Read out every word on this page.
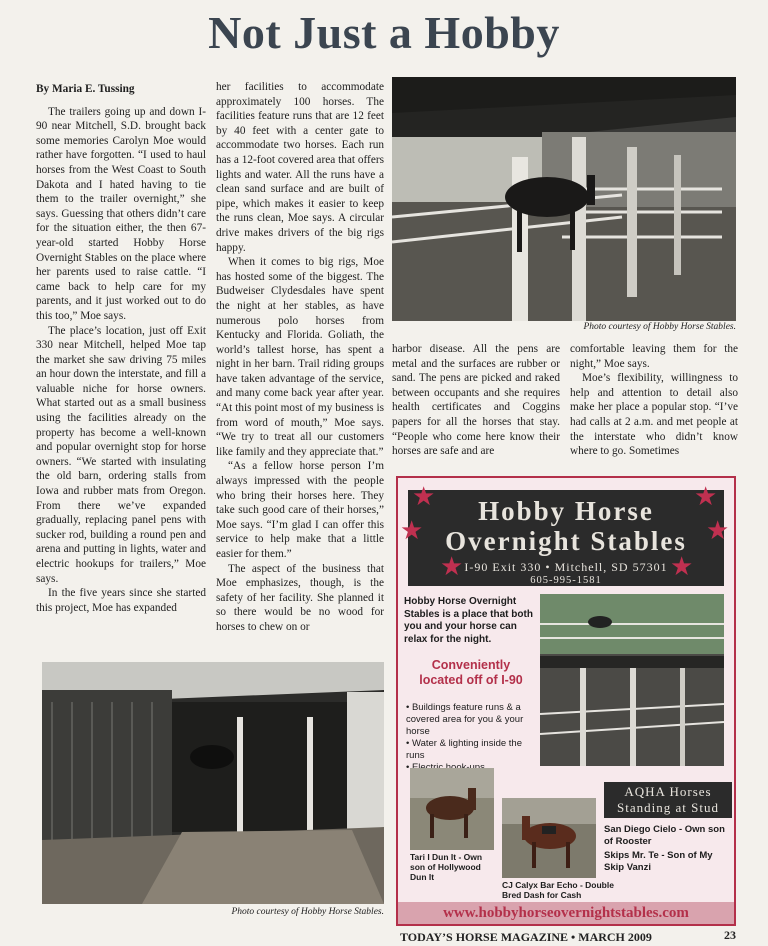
Not Just a Hobby

By Maria E. Tussing

The trailers going up and down I-90 near Mitchell, S.D. brought back some memories Carolyn Moe would rather have forgotten. “I used to haul horses from the West Coast to South Dakota and I hated having to tie them to the trailer overnight,” she says. Guessing that others didn’t care for the situation either, the then 67-year-old started Hobby Horse Overnight Stables on the place where her parents used to raise cattle. “I came back to help care for my parents, and it just worked out to do this too,” Moe says.

The place’s location, just off Exit 330 near Mitchell, helped Moe tap the market she saw driving 75 miles an hour down the interstate, and fill a valuable niche for horse owners. What started out as a small business using the facilities already on the property has become a well-known and popular overnight stop for horse owners. “We started with insulating the old barn, ordering stalls from Iowa and rubber mats from Oregon. From there we’ve expanded gradually, replacing panel pens with sucker rod, building a round pen and arena and putting in lights, water and electric hookups for trailers,” Moe says.

In the five years since she started this project, Moe has expanded

her facilities to accommodate approximately 100 horses. The facilities feature runs that are 12 feet by 40 feet with a center gate to accommodate two horses. Each run has a 12-foot covered area that offers lights and water. All the runs have a clean sand surface and are built of pipe, which makes it easier to keep the runs clean, Moe says. A circular drive makes drivers of the big rigs happy.

When it comes to big rigs, Moe has hosted some of the biggest. The Budweiser Clydesdales have spent the night at her stables, as have numerous polo horses from Kentucky and Florida. Goliath, the world’s tallest horse, has spent a night in her barn. Trail riding groups have taken advantage of the service, and many come back year after year. “At this point most of my business is from word of mouth,” Moe says. “We try to treat all our customers like family and they appreciate that.”

“As a fellow horse person I’m always impressed with the people who bring their horses here. They take such good care of their horses,” Moe says. “I’m glad I can offer this service to help make that a little easier for them.”

The aspect of the business that Moe emphasizes, though, is the safety of her facility. She planned it so there would be no wood for horses to chew on or

Photo courtesy of Hobby Horse Stables.

harbor disease. All the pens are metal and the surfaces are rubber or sand. The pens are picked and raked between occupants and she requires health certificates and Coggins papers for all the horses that stay. “People who come here know their horses are safe and are

comfortable leaving them for the night,” Moe says.

Moe’s flexibility, willingness to help and attention to detail also make her place a popular stop. “I’ve had calls at 2 a.m. and met people at the interstate who didn’t know where to go. Sometimes

Photo courtesy of Hobby Horse Stables.
Hobby Horse
Overnight Stables
I-90 Exit 330 • Mitchell, SD 57301
605-995-1581
★	★
★	★
★	★
Hobby Horse Overnight Stables is a place that both you and your horse can relax for the night.
Conveniently located off of I-90
• Buildings feature runs & a covered area for you & your horse
• Water & lighting inside the runs
•
AQHA Horses
Standing at Stud
Tari I Dun It - Own son of Hollywood Dun It
CJ Calyx Bar Echo - Double Bred Dash for Cash
San Diego Cielo - Own son of Rooster
Skips Mr. Te - Son of My Skip Vanzi
www.hobbyhorseovernightstables.com
TODAY’S HORSE MAGAZINE • MARCH 2009	23
